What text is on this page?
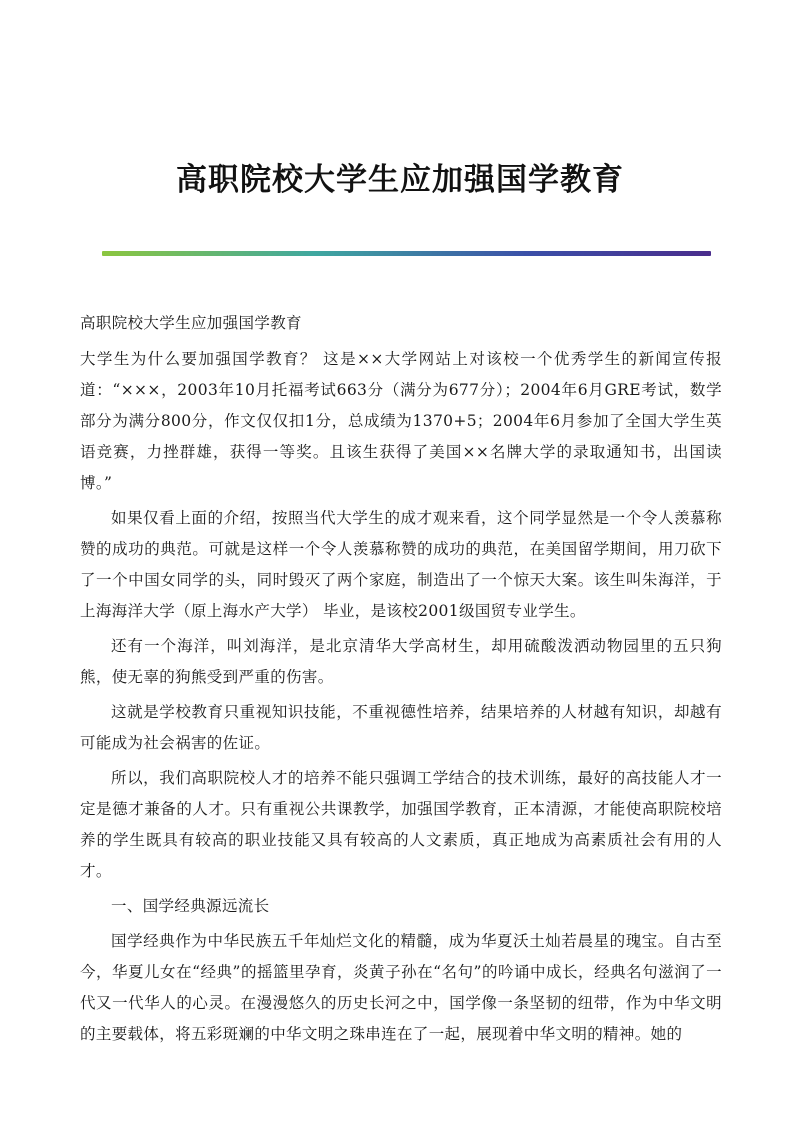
高职院校大学生应加强国学教育

高职院校大学生应加强国学教育

大学生为什么要加强国学教育？ 这是××大学网站上对该校一个优秀学生的新闻宣传报道：“×××，2003年10月托福考试663分（满分为677分）；2004年6月GRE考试，数学部分为满分800分，作文仅仅扣1分，总成绩为1370+5；2004年6月参加了全国大学生英语竞赛，力挫群雄，获得一等奖。且该生获得了美国××名牌大学的录取通知书，出国读博。”

如果仅看上面的介绍，按照当代大学生的成才观来看，这个同学显然是一个令人羡慕称赞的成功的典范。可就是这样一个令人羡慕称赞的成功的典范，在美国留学期间，用刀砍下了一个中国女同学的头，同时毁灭了两个家庭，制造出了一个惊天大案。该生叫朱海洋，于上海海洋大学（原上海水产大学） 毕业，是该校2001级国贸专业学生。

还有一个海洋，叫刘海洋，是北京清华大学高材生，却用硫酸泼洒动物园里的五只狗熊，使无辜的狗熊受到严重的伤害。

这就是学校教育只重视知识技能，不重视德性培养，结果培养的人材越有知识，却越有可能成为社会祸害的佐证。

所以，我们高职院校人才的培养不能只强调工学结合的技术训练，最好的高技能人才一定是德才兼备的人才。只有重视公共课教学，加强国学教育，正本清源，才能使高职院校培养的学生既具有较高的职业技能又具有较高的人文素质，真正地成为高素质社会有用的人才。

一、国学经典源远流长

国学经典作为中华民族五千年灿烂文化的精髓，成为华夏沃土灿若晨星的瑰宝。自古至今，华夏儿女在“经典”的摇篮里孕育，炎黄子孙在“名句”的吟诵中成长，经典名句滋润了一代又一代华人的心灵。在漫漫悠久的历史长河之中，国学像一条坚韧的纽带，作为中华文明的主要载体，将五彩斑斓的中华文明之珠串连在了一起，展现着中华文明的精神。她的
